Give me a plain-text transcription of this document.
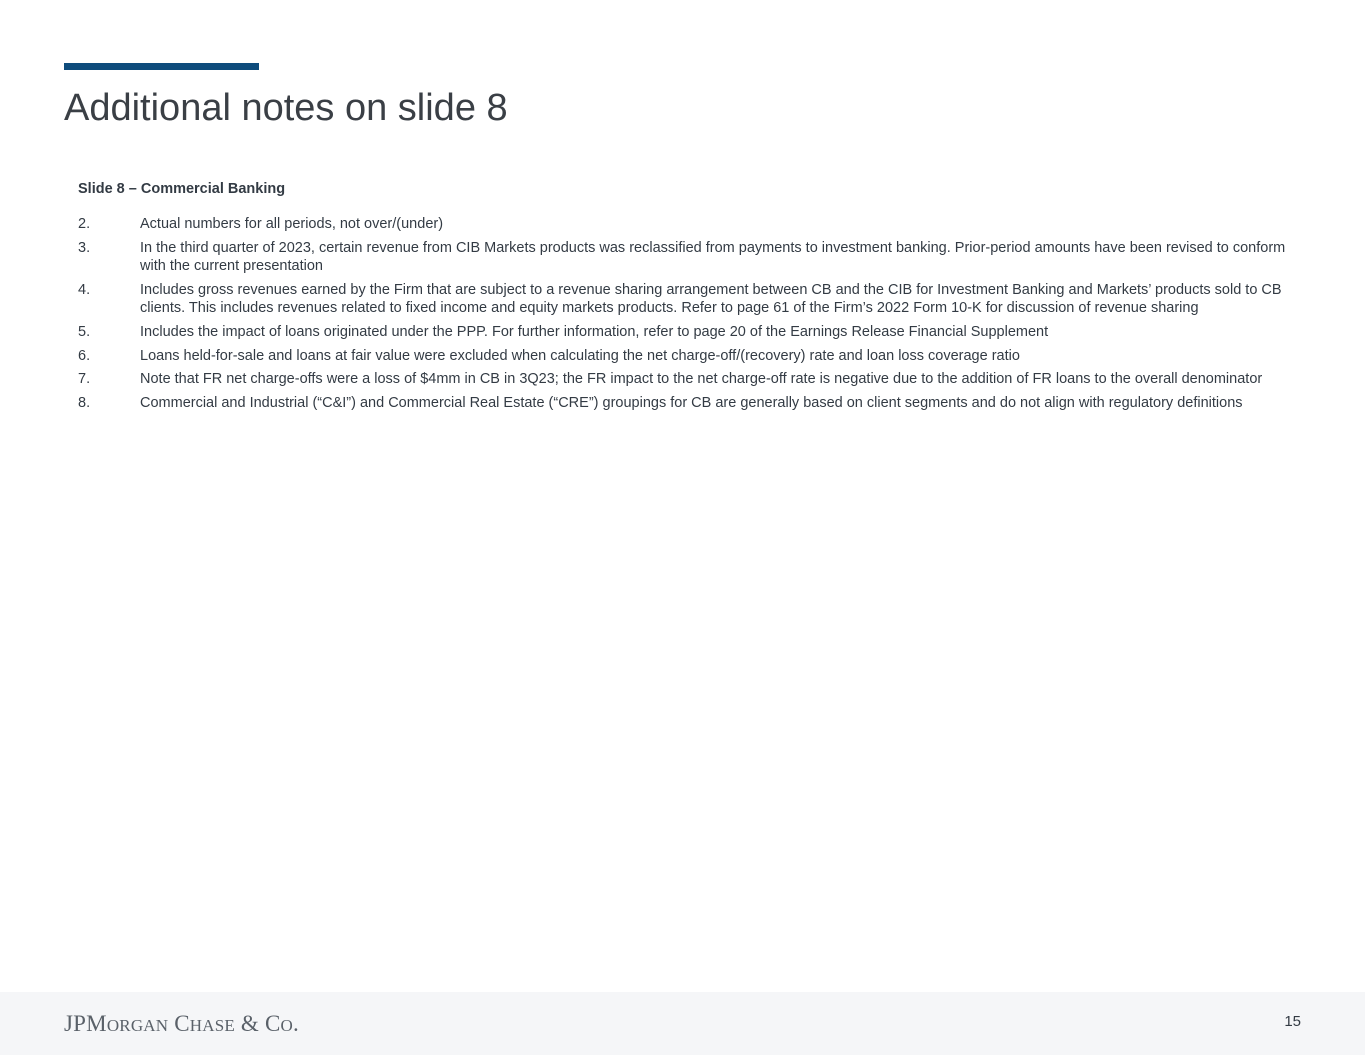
Additional notes on slide 8
Slide 8 – Commercial Banking
2.	Actual numbers for all periods, not over/(under)
3.	In the third quarter of 2023, certain revenue from CIB Markets products was reclassified from payments to investment banking. Prior-period amounts have been revised to conform with the current presentation
4.	Includes gross revenues earned by the Firm that are subject to a revenue sharing arrangement between CB and the CIB for Investment Banking and Markets’ products sold to CB clients. This includes revenues related to fixed income and equity markets products. Refer to page 61 of the Firm’s 2022 Form 10-K for discussion of revenue sharing
5.	Includes the impact of loans originated under the PPP. For further information, refer to page 20 of the Earnings Release Financial Supplement
6.	Loans held-for-sale and loans at fair value were excluded when calculating the net charge-off/(recovery) rate and loan loss coverage ratio
7.	Note that FR net charge-offs were a loss of $4mm in CB in 3Q23; the FR impact to the net charge-off rate is negative due to the addition of FR loans to the overall denominator
8.	Commercial and Industrial (“C&I”) and Commercial Real Estate (“CRE”) groupings for CB are generally based on client segments and do not align with regulatory definitions
JPMORGAN CHASE & CO.	15
